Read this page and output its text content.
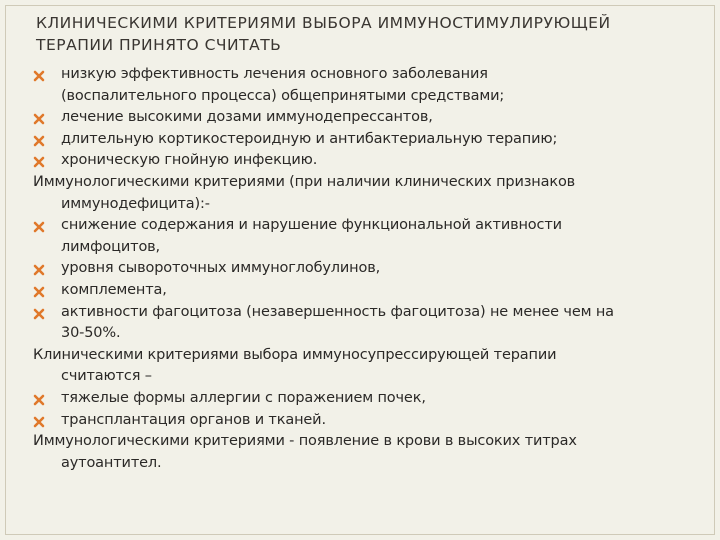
КЛИНИЧЕСКИМИ КРИТЕРИЯМИ ВЫБОРА ИММУНОСТИМУЛИРУЮЩЕЙ
ТЕРАПИИ ПРИНЯТО СЧИТАТЬ
низкую эффективность лечения основного заболевания
(воспалительного процесса) общепринятыми средствами;
лечение высокими дозами иммунодепрессантов,
длительную кортикостероидную и антибактериальную терапию;
хроническую гнойную инфекцию.
Иммунологическими критериями (при наличии клинических признаков
иммунодефицита):-
снижение содержания и нарушение функциональной активности
лимфоцитов,
уровня сывороточных иммуноглобулинов,
комплемента,
активности фагоцитоза (незавершенность фагоцитоза) не менее чем на
30-50%.
Клиническими критериями выбора иммуносупрессирующей терапии
считаются –
тяжелые формы аллергии с поражением почек,
трансплантация органов и тканей.
Иммунологическими критериями - появление в крови в высоких титрах
аутоантител.
